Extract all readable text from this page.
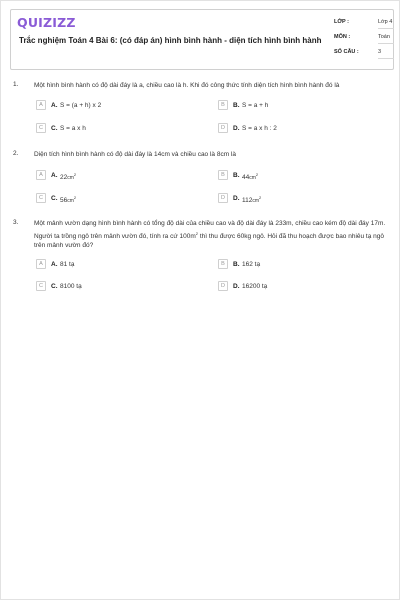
QUIZIZZ
Trắc nghiệm Toán 4 Bài 6: (có đáp án) hình bình hành - diện tích hình bình hành
LỚP :	Lớp 4
MÔN :	Toán
SỐ CÂU :	3
1. Một hình bình hành có độ dài đáy là a, chiều cao là h. Khi đó công thức tính diện tích hình bình hành đó là
A	A. S = (a + h) x 2	B	B. S = a + h
C	C. S = a x h	D	D. S = a x h : 2
2. Diện tích hình bình hành có độ dài đáy là 14cm và chiều cao là 8cm là
A	A. $22cm^2$	B	B. $44cm^2$
C	C. $56cm^2$	D	D. $112cm^2$
3. Một mảnh vườn dạng hình bình hành có tổng độ dài của chiều cao và độ dài đáy là 233m, chiều cao kém độ dài đáy 17m. Người ta trồng ngô trên mảnh vườn đó, tính ra cứ $100m^2$ thì thu được 60kg ngô. Hỏi đã thu hoạch được bao nhiêu tạ ngô trên mảnh vườn đó?
A	A. 81 tạ	B	B. 162 tạ
C	C. 8100 tạ	D	D. 16200 tạ
